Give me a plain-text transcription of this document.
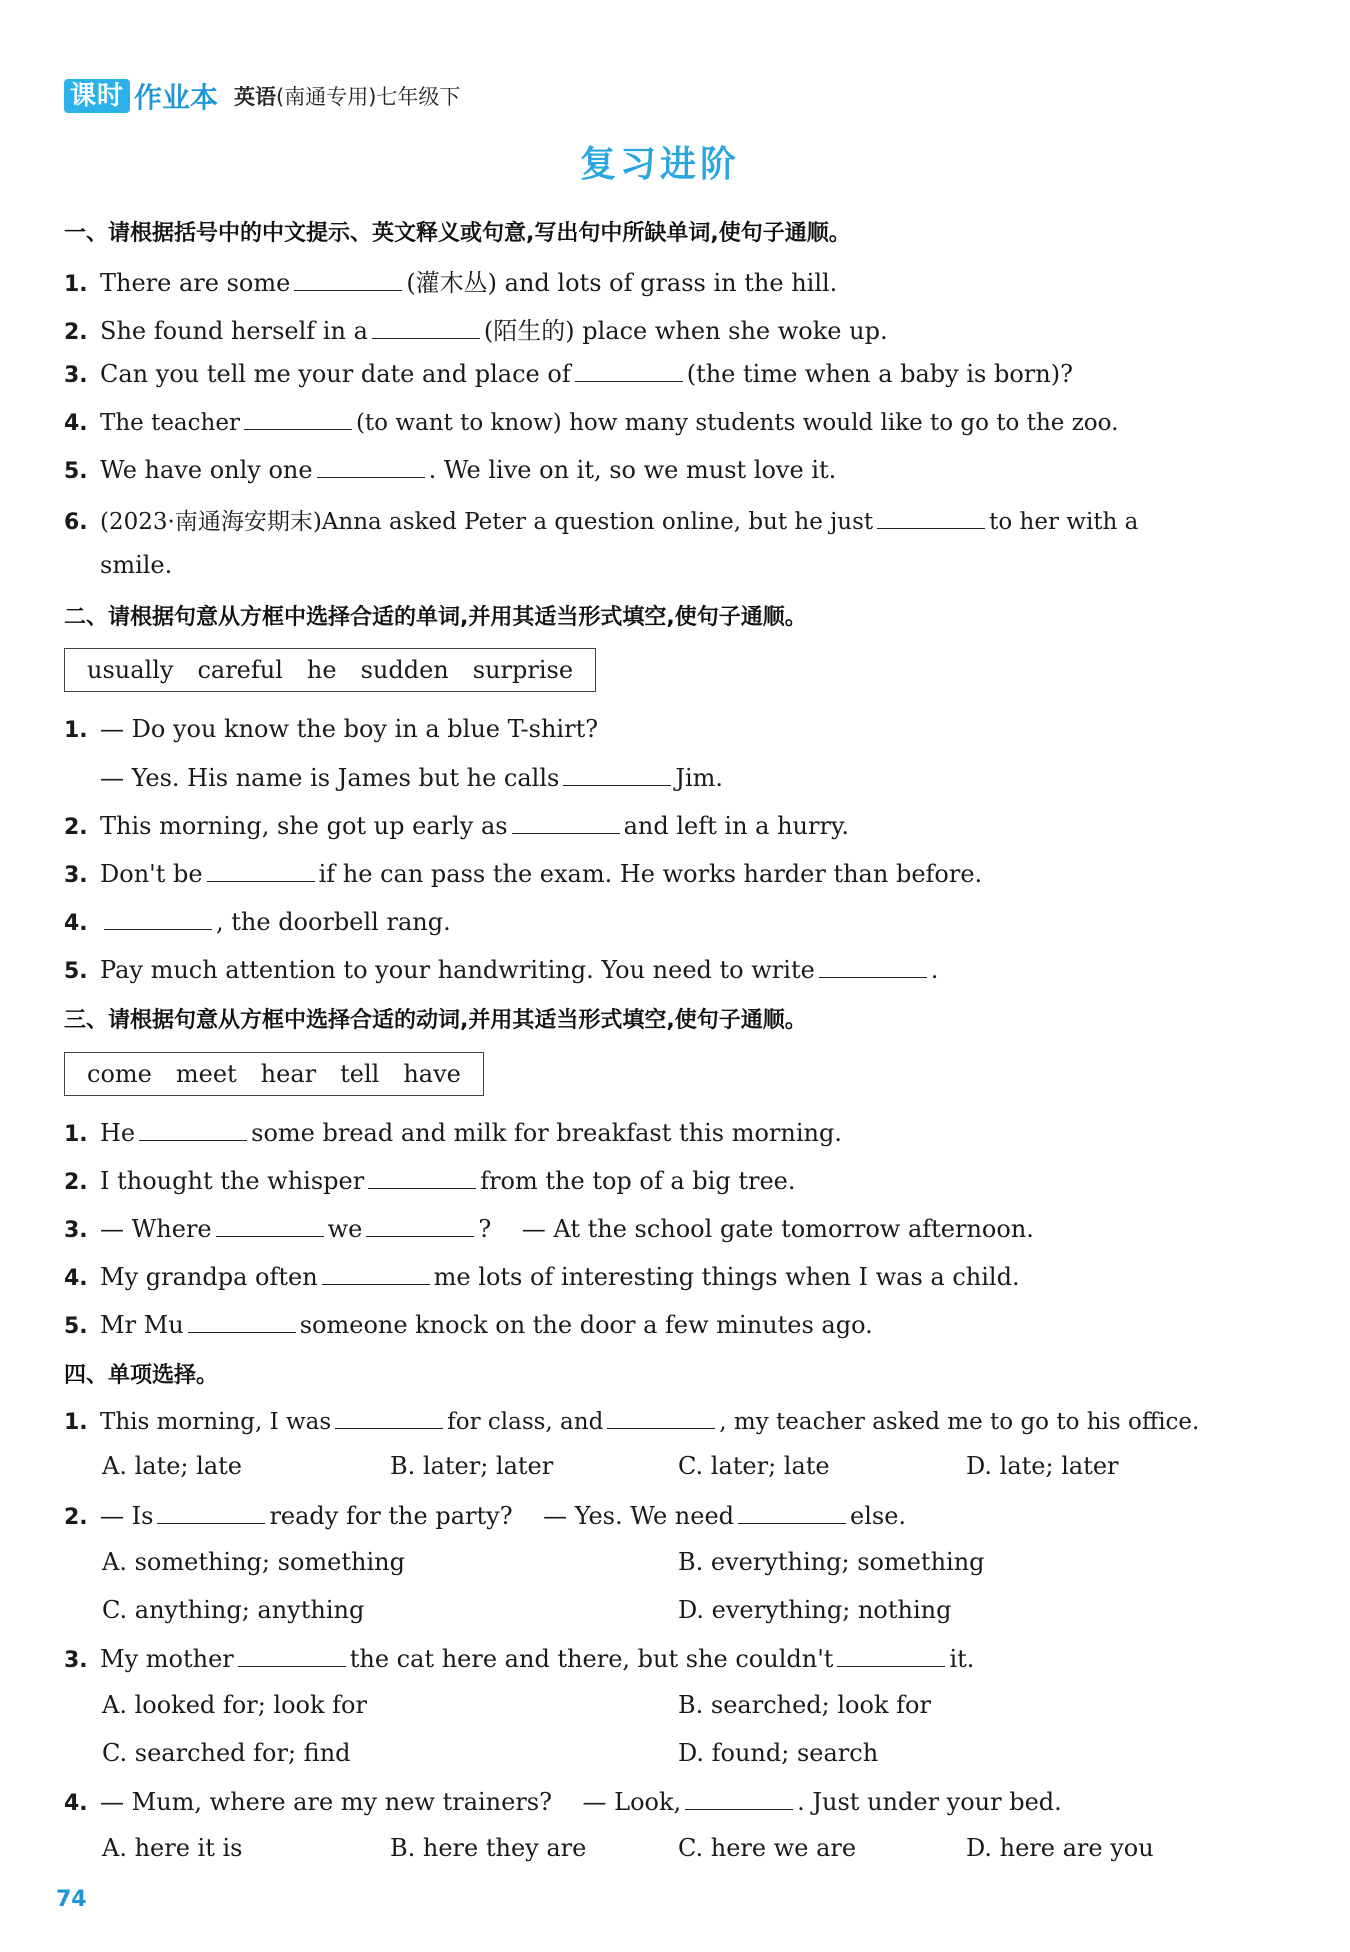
课时 作业本 英语(南通专用)七年级下
复习进阶
一、请根据括号中的中文提示、英文释义或句意,写出句中所缺单词,使句子通顺。
1. There are some	(灌木丛) and lots of grass in the hill.
2. She found herself in a	(陌生的) place when she woke up.
3. Can you tell me your date and place of	(the time when a baby is born)?
4. The teacher	(to want to know) how many students would like to go to the zoo.
5. We have only one	. We live on it, so we must love it.
6. (2023·南通海安期末)Anna asked Peter a question online, but he just	to her with a
smile.
二、请根据句意从方框中选择合适的单词,并用其适当形式填空,使句子通顺。
usually careful he sudden surprise
1. — Do you know the boy in a blue T-shirt?
— Yes. His name is James but he calls	Jim.
2. This morning, she got up early as	and left in a hurry.
3. Don't be	if he can pass the exam. He works harder than before.
4.	, the doorbell rang.
5. Pay much attention to your handwriting. You need to write	.
三、请根据句意从方框中选择合适的动词,并用其适当形式填空,使句子通顺。
come meet hear tell have
1. He	some bread and milk for breakfast this morning.
2. I thought the whisper	from the top of a big tree.
3. — Where	we	?    — At the school gate tomorrow afternoon.
4. My grandpa often	me lots of interesting things when I was a child.
5. Mr Mu	someone knock on the door a few minutes ago.
四、单项选择。
1. This morning, I was	for class, and	, my teacher asked me to go to his office.
A. late; late	B. later; later	C. later; late	D. late; later
2. — Is	ready for the party?    — Yes. We need	else.
A. something; something	B. everything; something
C. anything; anything	D. everything; nothing
3. My mother	the cat here and there, but she couldn't	it.
A. looked for; look for	B. searched; look for
C. searched for; find	D. found; search
4. — Mum, where are my new trainers?    — Look,	. Just under your bed.
A. here it is	B. here they are	C. here we are	D. here are you
74
